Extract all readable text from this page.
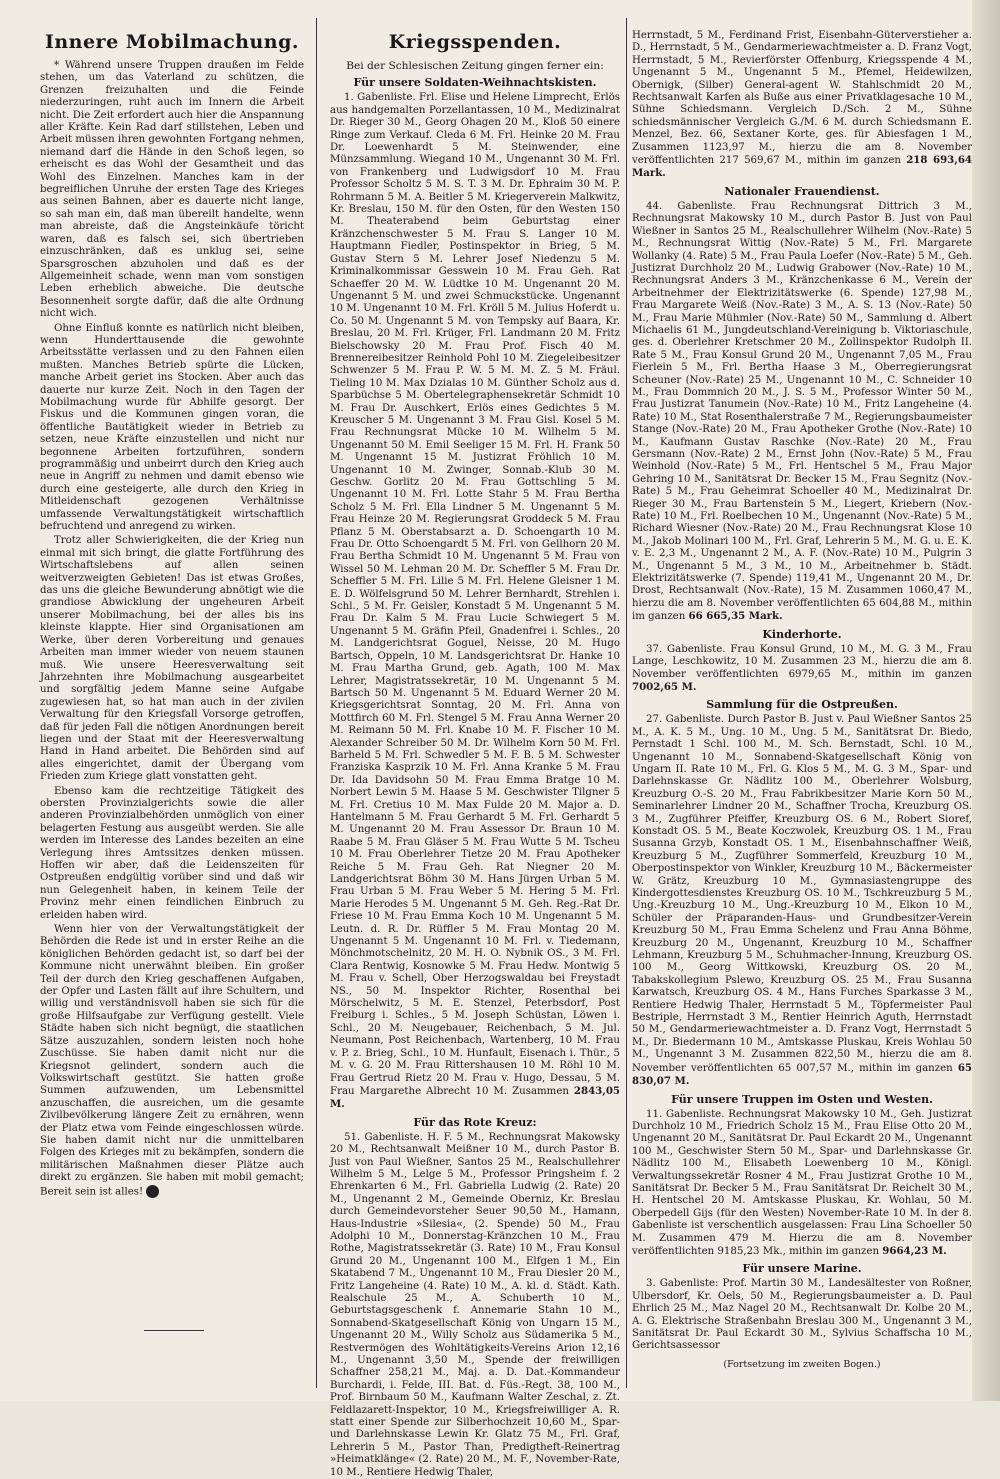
Innere Mobilmachung.

* Während unsere Truppen draußen im Felde stehen, um das Vaterland zu schützen, die Grenzen freizuhalten und die Feinde niederzuringen, ruht auch im Innern die Arbeit nicht. Die Zeit erfordert auch hier die Anspannung aller Kräfte. Kein Rad darf stillstehen, Leben und Arbeit müssen ihren gewohnten Fortgang nehmen, niemand darf die Hände in den Schoß legen, so erheischt es das Wohl der Gesamtheit und das Wohl des Einzelnen. Manches kam in der begreiflichen Unruhe der ersten Tage des Krieges aus seinen Bahnen, aber es dauerte nicht lange, so sah man ein, daß man übereilt handelte, wenn man abreiste, daß die Angsteinkäufe töricht waren, daß es falsch sei, sich übertrieben einzuschränken, daß es unklug sei, seine Sparsgroschen abzuholen und daß es der Allgemeinheit schade, wenn man vom sonstigen Leben erheblich abweiche. Die deutsche Besonnenheit sorgte dafür, daß die alte Ordnung nicht wich.

Ohne Einfluß konnte es natürlich nicht bleiben, wenn Hunderttausende die gewohnte Arbeitsstätte verlassen und zu den Fahnen eilen mußten. Manches Betrieb spürte die Lücken, manche Arbeit geriet ins Stocken. Aber auch das dauerte nur kurze Zeit. Noch in den Tagen der Mobilmachung wurde für Abhilfe gesorgt. Der Fiskus und die Kommunen gingen voran, die öffentliche Bautätigkeit wieder in Betrieb zu setzen, neue Kräfte einzustellen und nicht nur begonnene Arbeiten fortzuführen, sondern programmäßig und unbeirrt durch den Krieg auch neue in Angriff zu nehmen und damit ebenso wie durch eine gesteigerte, alle durch den Krieg in Mitleidenschaft gezogenen Verhältnisse umfassende Verwaltungstätigkeit wirtschaftlich befruchtend und anregend zu wirken.

Trotz aller Schwierigkeiten, die der Krieg nun einmal mit sich bringt, die glatte Fortführung des Wirtschaftslebens auf allen seinen weitverzweigten Gebieten! Das ist etwas Großes, das uns die gleiche Bewunderung abnötigt wie die grandiose Abwicklung der ungeheuren Arbeit unserer Mobilmachung, bei der alles bis ins kleinste klappte. Hier sind Organisationen am Werke, über deren Vorbereitung und genaues Arbeiten man immer wieder von neuem staunen muß. Wie unsere Heeresverwaltung seit Jahrzehnten ihre Mobilmachung ausgearbeitet und sorgfältig jedem Manne seine Aufgabe zugewiesen hat, so hat man auch in der zivilen Verwaltung für den Kriegsfall Vorsorge getroffen, daß für jeden Fall die nötigen Anordnungen bereit liegen und der Staat mit der Heeresverwaltung Hand in Hand arbeitet. Die Behörden sind auf alles eingerichtet, damit der Übergang vom Frieden zum Kriege glatt vonstatten geht.

Ebenso kam die rechtzeitige Tätigkeit des obersten Provinzialgerichts sowie die aller anderen Provinzialbehörden unmöglich von einer belagerten Festung aus ausgeübt werden. Sie alle werden im Interesse des Landes bezeiten an eine Verlegung ihres Amtssitzes denken müssen. Hoffen wir aber, daß die Leidenszeiten für Ostpreußen endgültig vorüber sind und daß wir nun Gelegenheit haben, in keinem Teile der Provinz mehr einen feindlichen Einbruch zu erleiden haben wird.

Wenn hier von der Verwaltungstätigkeit der Behörden die Rede ist und in erster Reihe an die königlichen Behörden gedacht ist, so darf bei der Kommune nicht unerwähnt bleiben. Ein großer Teil der durch den Krieg geschaffenen Aufgaben, der Opfer und Lasten fällt auf ihre Schultern, und willig und verständnisvoll haben sie sich für die große Hilfsaufgabe zur Verfügung gestellt. Viele Städte haben sich nicht begnügt, die staatlichen Sätze auszuzahlen, sondern leisten noch hohe Zuschüsse. Sie haben damit nicht nur die Kriegsnot gelindert, sondern auch die Volkswirtschaft gestützt. Sie hatten große Summen aufzuwenden, um Lebensmittel anzuschaffen, die ausreichen, um die gesamte Zivilbevölkerung längere Zeit zu ernähren, wenn der Platz etwa vom Feinde eingeschlossen würde. Sie haben damit nicht nur die unmittelbaren Folgen des Krieges mit zu bekämpfen, sondern die militärischen Maßnahmen dieser Plätze auch direkt zu ergänzen. Sie haben mit mobil gemacht; Bereit sein ist alles! 36

Kriegsspenden.
Bei der Schlesischen Zeitung gingen ferner ein:
Für unsere Soldaten-Weihnachtskisten.

1. Gabenliste. Frl. Elise und Helene Limprecht, Erlös aus handgemalten Porzellantassen, 10 M., Medizinalrat Dr. Rieger 30 M., Georg Ohagen 20 M., Kloß 50 einere Ringe zum Verkauf. Cleda 6 M. Frl. Heinke 20 M. Frau Dr. Loewenhardt 5 M. Steinwender, eine Münzsammlung. Wiegand 10 M., Ungenannt 30 M. Frl. von Frankenberg und Ludwigsdorf 10 M. Frau Professor Scholtz 5 M. S. T. 3 M. Dr. Ephraim 30 M. P. Rohrmann 5 M. A. Beitler 5 M. Kriegerverein Malkwitz, Kr. Breslau, 150 M. für den Osten, für den Westen 150 M. Theaterabend beim Geburtstag einer Kränzchenschwester 5 M. Frau S. Langer 10 M. Hauptmann Fiedler, Postinspektor in Brieg, 5 M. Gustav Stern 5 M. Lehrer Josef Niedenzu 5 M. Kriminalkommissar Gesswein 10 M. Frau Geh. Rat Schaeffer 20 M. W. Lüdtke 10 M. Ungenannt 20 M. Ungenannt 5 M. und zwei Schmuckstücke. Ungenannt 10 M. Ungenannt 10 M. Frl. Kröll 5 M. Julius Hoferdt u. Co. 50 M. Ungenannt 5 M. von Tempsky auf Baara, Kr. Breslau, 20 M. Frl. Krüger, Frl. Landmann 20 M. Fritz Bielschowsky 20 M. Frau Prof. Fisch 40 M. Brennereibesitzer Reinhold Pohl 10 M. Ziegeleibesitzer Schwenzer 5 M. Frau P. W. 5 M. M. Z. 5 M. Fräul. Tieling 10 M. Max Dzialas 10 M. Günther Scholz aus d. Sparbüchse 5 M. Obertelegraphensekretär Schmidt 10 M. Frau Dr. Auschkert, Erlös eines Gedichtes 5 M. Kreuscher 5 M. Ungenannt 3 M. Frau Gisl. Kosel 5 M. Frau Rechnungsrat Mücke 10 M. Wilhelm 5 M. Ungenannt 50 M. Emil Seeliger 15 M. Frl. H. Frank 50 M. Ungenannt 15 M. Justizrat Fröhlich 10 M. Ungenannt 10 M. Zwinger, Sonnab.-Klub 30 M. Geschw. Gorlitz 20 M. Frau Gottschling 5 M. Ungenannt 10 M. Frl. Lotte Stahr 5 M. Frau Bertha Scholz 5 M. Frl. Ella Lindner 5 M. Ungenannt 5 M. Frau Heinze 20 M. Regierungsrat Groddeck 5 M. Frau Pflanz 5 M. Oberstabsarzt a. D. Schoengarth 10 M. Frau Dr. Otto Schoengardt 5 M. Frl. von Gellhorn 20 M. Frau Bertha Schmidt 10 M. Ungenannt 5 M. Frau von Wissel 50 M. Lehman 20 M. Dr. Scheffler 5 M. Frau Dr. Scheffler 5 M. Frl. Lilie 5 M. Frl. Helene Gleisner 1 M. E. D. Wölfelsgrund 50 M. Lehrer Bernhardt, Strehlen i. Schl., 5 M. Fr. Geisler, Konstadt 5 M. Ungenannt 5 M. Frau Dr. Kalm 5 M. Frau Lucie Schwiegert 5 M. Ungenannt 5 M. Gräfin Pfeil, Gnadenfrei i. Schles., 20 M. Landgerichtsrat Goguel, Neisse, 20 M. Hugo Bartsch, Oppeln, 10 M. Landsgerichtsrat Dr. Hanke 10 M. Frau Martha Grund, geb. Agath, 100 M. Max Lehrer, Magistratssekretär, 10 M. Ungenannt 5 M. Bartsch 50 M. Ungenannt 5 M. Eduard Werner 20 M. Kriegsgerichtsrat Sonntag, 20 M. Frl. Anna von Mottfirch 60 M. Frl. Stengel 5 M. Frau Anna Werner 20 M. Reimann 50 M. Frl. Knabe 10 M. F. Fischer 10 M. Alexander Schreiber 50 M. Dr. Wilhelm Korn 50 M. Frl. Barheld 5 M. Frl. Schwedler 5 M. F. B. 5 M. Schwester Franziska Kasprzik 10 M. Frl. Anna Kranke 5 M. Frau Dr. Ida Davidsohn 50 M. Frau Emma Bratge 10 M. Norbert Lewin 5 M. Haase 5 M. Geschwister Tilgner 5 M. Frl. Cretius 10 M. Max Fulde 20 M. Major a. D. Hantelmann 5 M. Frau Gerhardt 5 M. Frl. Gerhardt 5 M. Ungenannt 20 M. Frau Assessor Dr. Braun 10 M. Raabe 5 M. Frau Gläser 5 M. Frau Wutte 5 M. Tscheu 10 M. Frau Oberlehrer Tietze 20 M. Frau Apotheker Reiche 5 M. Frau Geh. Rat Niegner 20 M. Landgerichtsrat Böhm 30 M. Hans Jürgen Urban 5 M. Frau Urban 5 M. Frau Weber 5 M. Hering 5 M. Frl. Marie Herodes 5 M. Ungenannt 5 M. Geh. Reg.-Rat Dr. Friese 10 M. Frau Emma Koch 10 M. Ungenannt 5 M. Leutn. d. R. Dr. Rüffler 5 M. Frau Montag 20 M. Ungenannt 5 M. Ungenannt 10 M. Frl. v. Tiedemann, Mönchmotschelnitz, 20 M. H. O. Nybnik OS., 3 M. Frl. Clara Rentwig, Kosnowke 5 M. Frau Hedw. Montwig 5 M. Frau v. Schell, Ober Herzogswaldau bei Freystadt NS., 50 M. Inspektor Richter, Rosenthal bei Mörschelwitz, 5 M. E. Stenzel, Peterbsdorf, Post Freiburg i. Schles., 5 M. Joseph Schüstan, Löwen i. Schl., 20 M. Neugebauer, Reichenbach, 5 M. Jul. Neumann, Post Reichenbach, Wartenberg, 10 M. Frau v. P. z. Brieg, Schl., 10 M. Hunfault, Eisenach i. Thür., 5 M. v. G. 20 M. Frau Rittershausen 10 M. Röhl 10 M. Frau Gertrud Rietz 20 M. Frau v. Hugo, Dessau, 5 M. Frau Margarethe Albrecht 10 M. Zusammen 2843,05 M.

Für das Rote Kreuz:

51. Gabenliste. H. F. 5 M., Rechnungsrat Makowsky 20 M., Rechtsanwalt Meißner 10 M., durch Pastor B. Just von Paul Wießner, Santos 25 M., Realschullehrer Wilhelm 5 M., Lelge 5 M., Professor Pringsheim f. 2 Ehrenkarten 6 M., Frl. Gabriella Ludwig (2. Rate) 20 M., Ungenannt 2 M., Gemeinde Oberniz, Kr. Breslau durch Gemeindevorsteher Seuer 90,50 M., Hamann, Haus-Industrie »Silesia«, (2. Spende) 50 M., Frau Adolphi 10 M., Donnerstag-Kränzchen 10 M., Frau Rothe, Magistratssekretär (3. Rate) 10 M., Frau Konsul Grund 20 M., Ungenannt 100 M., Elfgen 1 M., Ein Skatabend 7 M., Ungenannt 10 M., Frau Diesler 20 M., Fritz Langeheine (4. Rate) 10 M., A. kl. d. Städt. Kath. Realschule 25 M., A. Schuberth 10 M., Geburtstagsgeschenk f. Annemarie Stahn 10 M., Sonnabend-Skatgesellschaft König von Ungarn 15 M., Ungenannt 20 M., Willy Scholz aus Südamerika 5 M., Restvermögen des Wohltätigkeits-Vereins Arion 12,16 M., Ungenannt 3,50 M., Spende der freiwilligen Schaffner 258,21 M., Maj. a. D. Dat.-Kommandeur Burchardi, i. Felde, III. Bat. d. Füs.-Regt. 38, 100 M., Prof. Birnbaum 50 M., Kaufmann Walter Zeschal, z. Zt. Feldlazarett-Inspektor, 10 M., Kriegsfreiwilliger A. R. statt einer Spende zur Silberhochzeit 10,60 M., Spar- und Darlehnskasse Lewin Kr. Glatz 75 M., Frl. Graf, Lehrerin 5 M., Pastor Than, Predigtheft-Reinertrag »Heimatklänge« (2. Rate) 20 M., M. F., November-Rate, 10 M., Rentiere Hedwig Thaler,

Herrnstadt, 5 M., Ferdinand Frist, Eisenbahn-Güterverstieher a. D., Herrnstadt, 5 M., Gendarmeriewachtmeister a. D. Franz Vogt, Herrnstadt, 5 M., Revierförster Offenburg, Kriegsspende 4 M., Ungenannt 5 M., Ungenannt 5 M., Pfemel, Heidewilzen, Obernigk, (Silber) General-agent W. Stahlschmidt 20 M., Rechtsanwalt Karfen als Buße aus einer Privatklagesache 10 M., Sühne Schiedsmann. Vergleich D./Sch. 2 M., Sühne schiedsmännischer Vergleich G./M. 6 M. durch Schiedsmann E. Menzel, Bez. 66, Sextaner Korte, ges. für Abiesfagen 1 M., Zusammen 1123,97 M., hierzu die am 8. November veröffentlichten 217 569,67 M., mithin im ganzen 218 693,64 Mark.

Nationaler Frauendienst.

44. Gabenliste. Frau Rechnungsrat Dittrich 3 M., Rechnungsrat Makowsky 10 M., durch Pastor B. Just von Paul Wießner in Santos 25 M., Realschullehrer Wilhelm (Nov.-Rate) 5 M., Rechnungsrat Wittig (Nov.-Rate) 5 M., Frl. Margarete Wollanky (4. Rate) 5 M., Frau Paula Loefer (Nov.-Rate) 5 M., Geh. Justizrat Durchholz 20 M., Ludwig Grabower (Nov.-Rate) 10 M., Rechnungsrat Anders 3 M., Kränzchenkasse 6 M., Verein der Arbeitnehmer der Elektrizitätswerke (6. Spende) 127,98 M., Frau Margarete Weiß (Nov.-Rate) 3 M., A. S. 13 (Nov.-Rate) 50 M., Frau Marie Mühmler (Nov.-Rate) 50 M., Sammlung d. Albert Michaelis 61 M., Jungdeutschland-Vereinigung b. Viktoriaschule, ges. d. Oberlehrer Kretschmer 20 M., Zollinspektor Rudolph II. Rate 5 M., Frau Konsul Grund 20 M., Ungenannt 7,05 M., Frau Fierlein 5 M., Frl. Bertha Haase 3 M., Oberregierungsrat Scheuner (Nov.-Rate) 25 M., Ungenannt 10 M., C. Schneider 10 M., Frau Dommnich 20 M., J. S. 5 M., Professor Winter 50 M., Frau Justizrat Tanumein (Nov.-Rate) 10 M., Fritz Langeheine (4. Rate) 10 M., Stat Rosenthalerstraße 7 M., Regierungsbaumeister Stange (Nov.-Rate) 20 M., Frau Apotheker Grothe (Nov.-Rate) 10 M., Kaufmann Gustav Raschke (Nov.-Rate) 20 M., Frau Gersmann (Nov.-Rate) 2 M., Ernst John (Nov.-Rate) 5 M., Frau Weinhold (Nov.-Rate) 5 M., Frl. Hentschel 5 M., Frau Major Gehring 10 M., Sanitätsrat Dr. Becker 15 M., Frau Segnitz (Nov.-Rate) 5 M., Frau Geheimrat Schoeller 40 M., Medizinalrat Dr. Rieger 30 M., Frau Bartenstein 5 M., Liegert, Kriebern (Nov.-Rate) 10 M., Frl. Roelbechen 10 M., Ungenannt (Nov.-Rate) 5 M., Richard Wiesner (Nov.-Rate) 20 M., Frau Rechnungsrat Klose 10 M., Jakob Molinari 100 M., Frl. Graf, Lehrerin 5 M., M. G. u. E. K. v. E. 2,3 M., Ungenannt 2 M., A. F. (Nov.-Rate) 10 M., Pulgrin 3 M., Ungenannt 5 M., 3 M., 10 M., Arbeitnehmer b. Städt. Elektrizitätswerke (7. Spende) 119,41 M., Ungenannt 20 M., Dr. Drost, Rechtsanwalt (Nov.-Rate), 15 M. Zusammen 1060,47 M., hierzu die am 8. November veröffentlichten 65 604,88 M., mithin im ganzen 66 665,35 Mark.

Kinderhorte.

37. Gabenliste. Frau Konsul Grund, 10 M., M. G. 3 M., Frau Lange, Leschkowitz, 10 M. Zusammen 23 M., hierzu die am 8. November veröffentlichten 6979,65 M., mithin im ganzen 7002,65 M.

Sammlung für die Ostpreußen.

27. Gabenliste. Durch Pastor B. Just v. Paul Wießner Santos 25 M., A. K. 5 M., Ung. 10 M., Ung. 5 M., Sanitätsrat Dr. Biedo, Pernstadt 1 Schl. 100 M., M. Sch. Bernstadt, Schl. 10 M., Ungenannt 10 M., Sonnabend-Skatgesellschaft König von Ungarn II. Rate 10 M., Frl. G. Klos 5 M., M. G. 3 M., Spar- und Darlehnskasse Gr. Nädlitz 100 M., Oberlehrer Wolsburg, Kreuzburg O.-S. 20 M., Frau Fabrikbesitzer Marie Korn 50 M., Seminarlehrer Lindner 20 M., Schaffner Trocha, Kreuzburg OS. 3 M., Zugführer Pfeiffer, Kreuzburg OS. 6 M., Robert Sioref, Konstadt OS. 5 M., Beate Koczwolek, Kreuzburg OS. 1 M., Frau Susanna Grzyb, Konstadt OS. 1 M., Eisenbahnschaffner Weiß, Kreuzburg 5 M., Zugführer Sommerfeld, Kreuzburg 10 M., Oberpostinspektor von Winkler, Kreuzburg 10 M., Bäckermeister W. Grätz, Kreuzburg 10 M., Gymnasiastengruppe des Kindergottesdienstes Kreuzburg OS. 10 M., Tschkreuzburg 5 M., Ung.-Kreuzburg 10 M., Ung.-Kreuzburg 10 M., Elkon 10 M., Schüler der Präparanden-Haus- und Grundbesitzer-Verein Kreuzburg 50 M., Frau Emma Schelenz und Frau Anna Böhme, Kreuzburg 20 M., Ungenannt, Kreuzburg 10 M., Schaffner Lehmann, Kreuzburg 5 M., Schuhmacher-Innung, Kreuzburg OS. 100 M., Georg Wittkowski, Kreuzburg OS. 20 M., Tabakskollegium Pslewo, Kreuzburg OS. 25 M., Frau Susanna Karwatsch, Kreuzburg OS. 4 M., Hans Furches Sparkasse 3 M., Rentiere Hedwig Thaler, Herrnstadt 5 M., Töpfermeister Paul Bestriple, Herrnstadt 3 M., Rentier Heinrich Aguth, Herrnstadt 50 M., Gendarmeriewachtmeister a. D. Franz Vogt, Herrnstadt 5 M., Dr. Biedermann 10 M., Amtskasse Pluskau, Kreis Wohlau 50 M., Ungenannt 3 M. Zusammen 822,50 M., hierzu die am 8. November veröffentlichten 65 007,57 M., mithin im ganzen 65 830,07 M.

Für unsere Truppen im Osten und Westen.

11. Gabenliste. Rechnungsrat Makowsky 10 M., Geh. Justizrat Durchholz 10 M., Friedrich Scholz 15 M., Frau Elise Otto 20 M., Ungenannt 20 M., Sanitätsrat Dr. Paul Eckardt 20 M., Ungenannt 100 M., Geschwister Stern 50 M., Spar- und Darlehnskasse Gr. Nädlitz 100 M., Elisabeth Loewenberg 10 M., Königl. Verwaltungssekretär Rosner 4 M., Frau Justizrat Grothe 10 M., Sanitätsrat Dr. Becker 5 M., Frau Sanitätsrat Dr. Reichelt 30 M., H. Hentschel 20 M. Amtskasse Pluskau, Kr. Wohlau, 50 M. Oberpedell Gijs (für den Westen) November-Rate 10 M. In der 8. Gabenliste ist verschentlich ausgelassen: Frau Lina Schoeller 50 M. Zusammen 479 M. Hierzu die am 8. November veröffentlichten 9185,23 Mk., mithin im ganzen 9664,23 M.

Für unsere Marine.

3. Gabenliste: Prof. Martin 30 M., Landesältester von Roßner, Ulbersdorf, Kr. Oels, 50 M., Regierungsbaumeister a. D. Paul Ehrlich 25 M., Maz Nagel 20 M., Rechtsanwalt Dr. Kolbe 20 M., A. G. Elektrische Straßenbahn Breslau 300 M., Ungenannt 3 M., Sanitätsrat Dr. Paul Eckardt 30 M., Sylvius Schaffscha 10 M., Gerichtsassessor

(Fortsetzung im zweiten Bogen.)
